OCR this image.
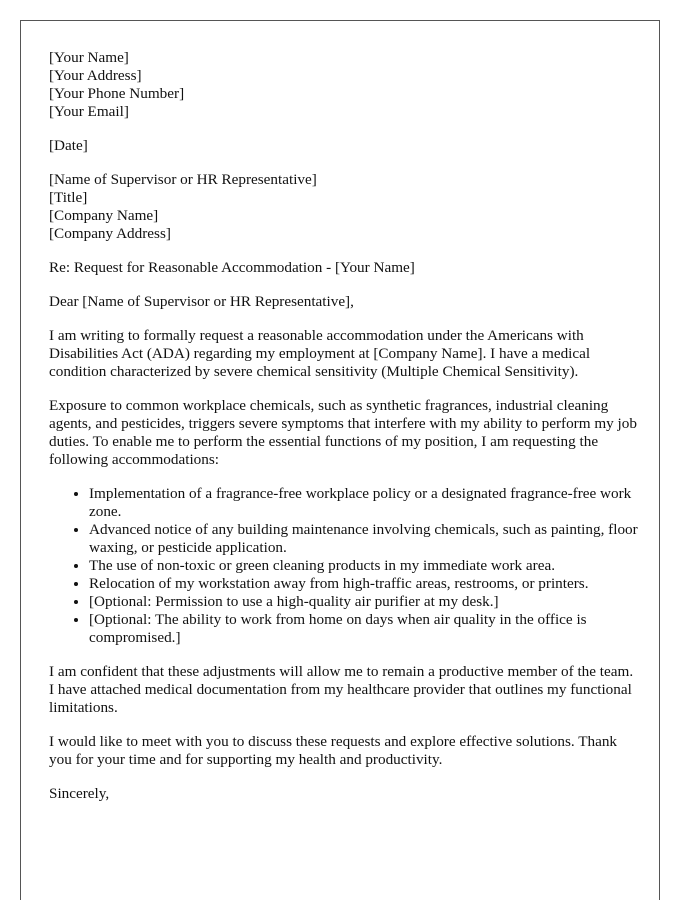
[Your Name]

[Your Address]

[Your Phone Number]

[Your Email]

[Date]

[Name of Supervisor or HR Representative]

[Title]

[Company Name]

[Company Address]

Re: Request for Reasonable Accommodation - [Your Name]

Dear [Name of Supervisor or HR Representative],

I am writing to formally request a reasonable accommodation under the Americans with Disabilities Act (ADA) regarding my employment at [Company Name]. I have a medical condition characterized by severe chemical sensitivity (Multiple Chemical Sensitivity).

Exposure to common workplace chemicals, such as synthetic fragrances, industrial cleaning agents, and pesticides, triggers severe symptoms that interfere with my ability to perform my job duties. To enable me to perform the essential functions of my position, I am requesting the following accommodations:

• Implementation of a fragrance-free workplace policy or a designated fragrance-free work zone.
• Advanced notice of any building maintenance involving chemicals, such as painting, floor waxing, or pesticide application.
• The use of non-toxic or green cleaning products in my immediate work area.
• Relocation of my workstation away from high-traffic areas, restrooms, or printers.
• [Optional: Permission to use a high-quality air purifier at my desk.]
• [Optional: The ability to work from home on days when air quality in the office is compromised.]

I am confident that these adjustments will allow me to remain a productive member of the team. I have attached medical documentation from my healthcare provider that outlines my functional limitations.

I would like to meet with you to discuss these requests and explore effective solutions. Thank you for your time and for supporting my health and productivity.

Sincerely,
